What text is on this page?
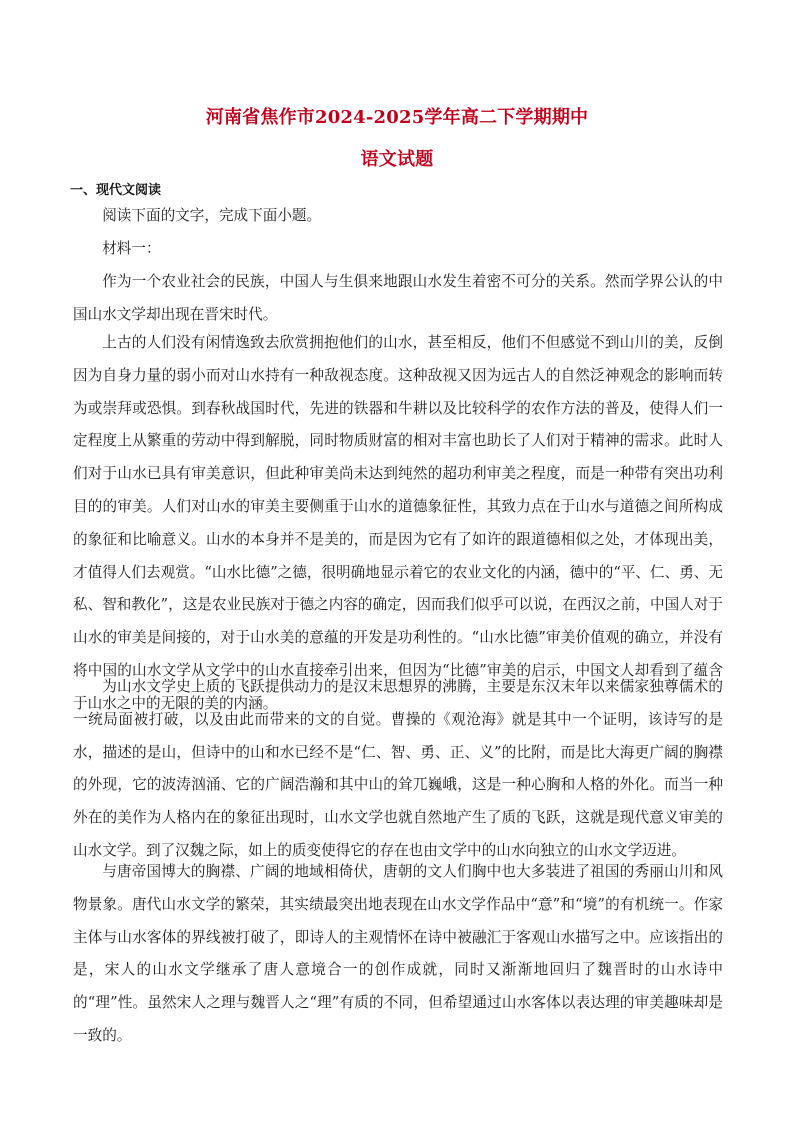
河南省焦作市2024-2025学年高二下学期期中
语文试题
一、现代文阅读

阅读下面的文字，完成下面小题。

材料一：

作为一个农业社会的民族，中国人与生俱来地跟山水发生着密不可分的关系。然而学界公认的中国山水文学却出现在晋宋时代。

上古的人们没有闲情逸致去欣赏拥抱他们的山水，甚至相反，他们不但感觉不到山川的美，反倒因为自身力量的弱小而对山水持有一种敌视态度。这种敌视又因为远古人的自然泛神观念的影响而转为或崇拜或恐惧。到春秋战国时代，先进的铁器和牛耕以及比较科学的农作方法的普及，使得人们一定程度上从繁重的劳动中得到解脱，同时物质财富的相对丰富也助长了人们对于精神的需求。此时人们对于山水已具有审美意识，但此种审美尚未达到纯然的超功利审美之程度，而是一种带有突出功利目的的审美。人们对山水的审美主要侧重于山水的道德象征性，其致力点在于山水与道德之间所构成的象征和比喻意义。山水的本身并不是美的，而是因为它有了如许的跟道德相似之处，才体现出美，才值得人们去观赏。“山水比德”之德，很明确地显示着它的农业文化的内涵，德中的“平、仁、勇、无私、智和教化”，这是农业民族对于德之内容的确定，因而我们似乎可以说，在西汉之前，中国人对于山水的审美是间接的，对于山水美的意蕴的开发是功利性的。“山水比德”审美价值观的确立，并没有将中国的山水文学从文学中的山水直接牵引出来，但因为“比德”审美的启示，中国文人却看到了蕴含于山水之中的无限的美的内涵。

为山水文学史上质的飞跃提供动力的是汉末思想界的沸腾，主要是东汉末年以来儒家独尊儒术的一统局面被打破，以及由此而带来的文的自觉。曹操的《观沧海》就是其中一个证明，该诗写的是水，描述的是山，但诗中的山和水已经不是“仁、智、勇、正、义”的比附，而是比大海更广阔的胸襟的外现，它的波涛汹涌、它的广阔浩瀚和其中山的耸兀巍峨，这是一种心胸和人格的外化。而当一种外在的美作为人格内在的象征出现时，山水文学也就自然地产生了质的飞跃，这就是现代意义审美的山水文学。到了汉魏之际，如上的质变使得它的存在也由文学中的山水向独立的山水文学迈进。

与唐帝国博大的胸襟、广阔的地域相倚伏，唐朝的文人们胸中也大多装进了祖国的秀丽山川和风物景象。唐代山水文学的繁荣，其实绩最突出地表现在山水文学作品中“意”和“境”的有机统一。作家主体与山水客体的界线被打破了，即诗人的主观情怀在诗中被融汇于客观山水描写之中。应该指出的是，宋人的山水文学继承了唐人意境合一的创作成就，同时又渐渐地回归了魏晋时的山水诗中的“理”性。虽然宋人之理与魏晋人之“理”有质的不同，但希望通过山水客体以表达理的审美趣味却是一致的。
